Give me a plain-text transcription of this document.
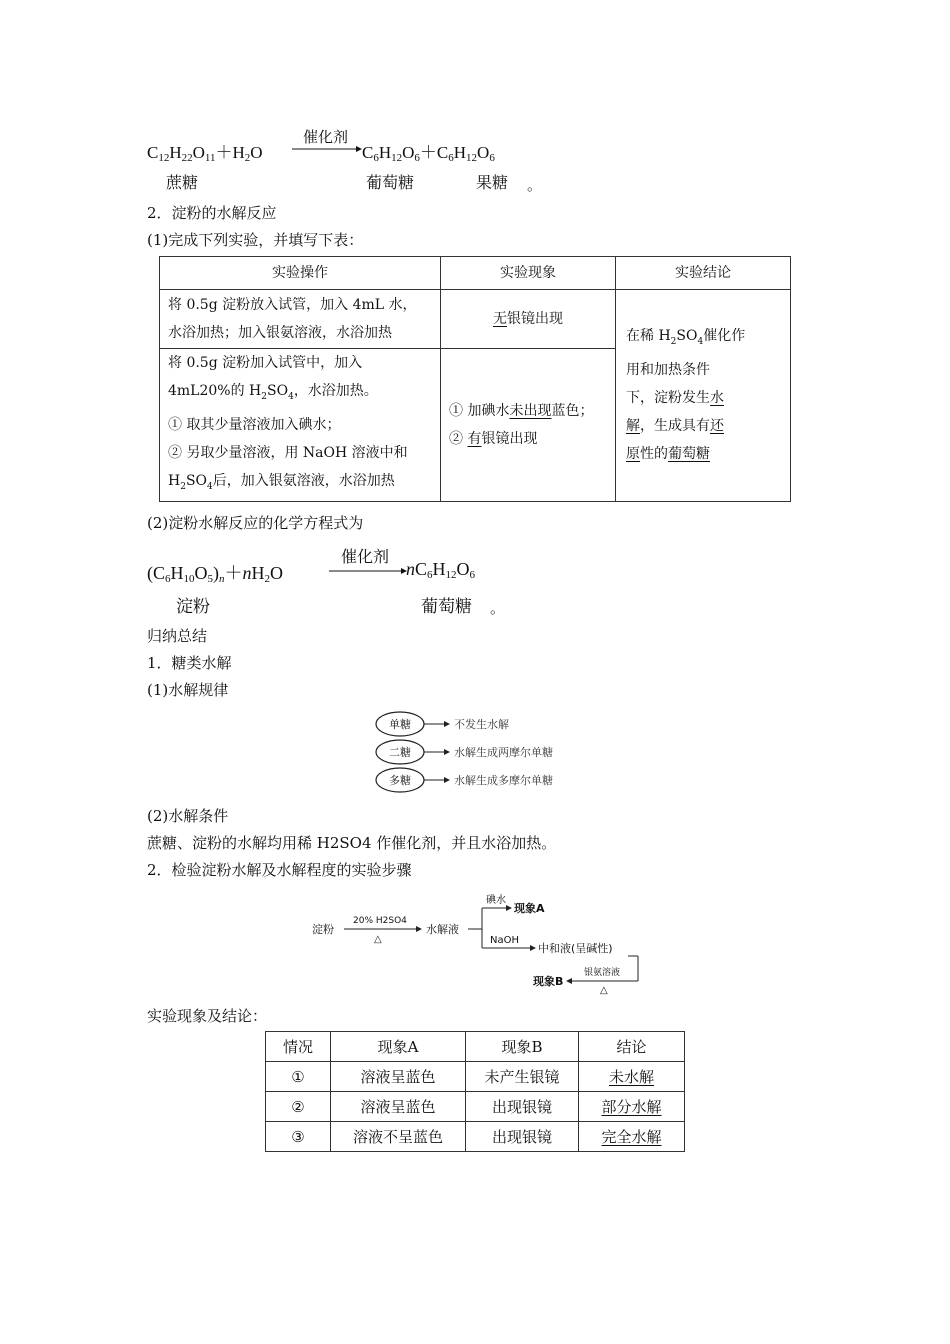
$C_{12}H_{22}O_{11}+H_2O$
催化剂
$C_6H_{12}O_6+C_6H_{12}O_6$
蔗糖	葡萄糖	果糖 。
2．淀粉的水解反应
(1)完成下列实验，并填写下表：
实验操作	实验现象	实验结论
将 0.5g 淀粉放入试管，加入 4mL 水，
水浴加热；加入银氨溶液，水浴加热	无银镜出现	在稀 $H_2SO_4$催化作
用和加热条件
下，淀粉发生水
解，生成具有还
原性的葡萄糖
将 0.5g 淀粉加入试管中，加入
4mL20%的 $H_2SO_4$，水浴加热。
① 取其少量溶液加入碘水；
② 另取少量溶液，用 NaOH 溶液中和
$H_2SO_4$后，加入银氨溶液，水浴加热	① 加碘水未出现蓝色；
② 有银镜出现	
(2)淀粉水解反应的化学方程式为
$(C_6H_{10}O_5)_n+nH_2O$
催化剂
$nC_6H_{12}O_6$
淀粉	葡萄糖 。
归纳总结
1．糖类水解
(1)水解规律
单糖	不发生水解
二糖	水解生成两摩尔单糖
多糖	水解生成多摩尔单糖
(2)水解条件
蔗糖、淀粉的水解均用稀 H2SO4 作催化剂，并且水浴加热。
2．检验淀粉水解及水解程度的实验步骤
淀粉
20% H2SO4
△
水解液
碘水
现象A
NaOH
中和液(呈碱性)
银氨溶液
△
现象B
实验现象及结论：
情况	现象A	现象B	结论
①	溶液呈蓝色	未产生银镜	未水解
②	溶液呈蓝色	出现银镜	部分水解
③	溶液不呈蓝色	出现银镜	完全水解
